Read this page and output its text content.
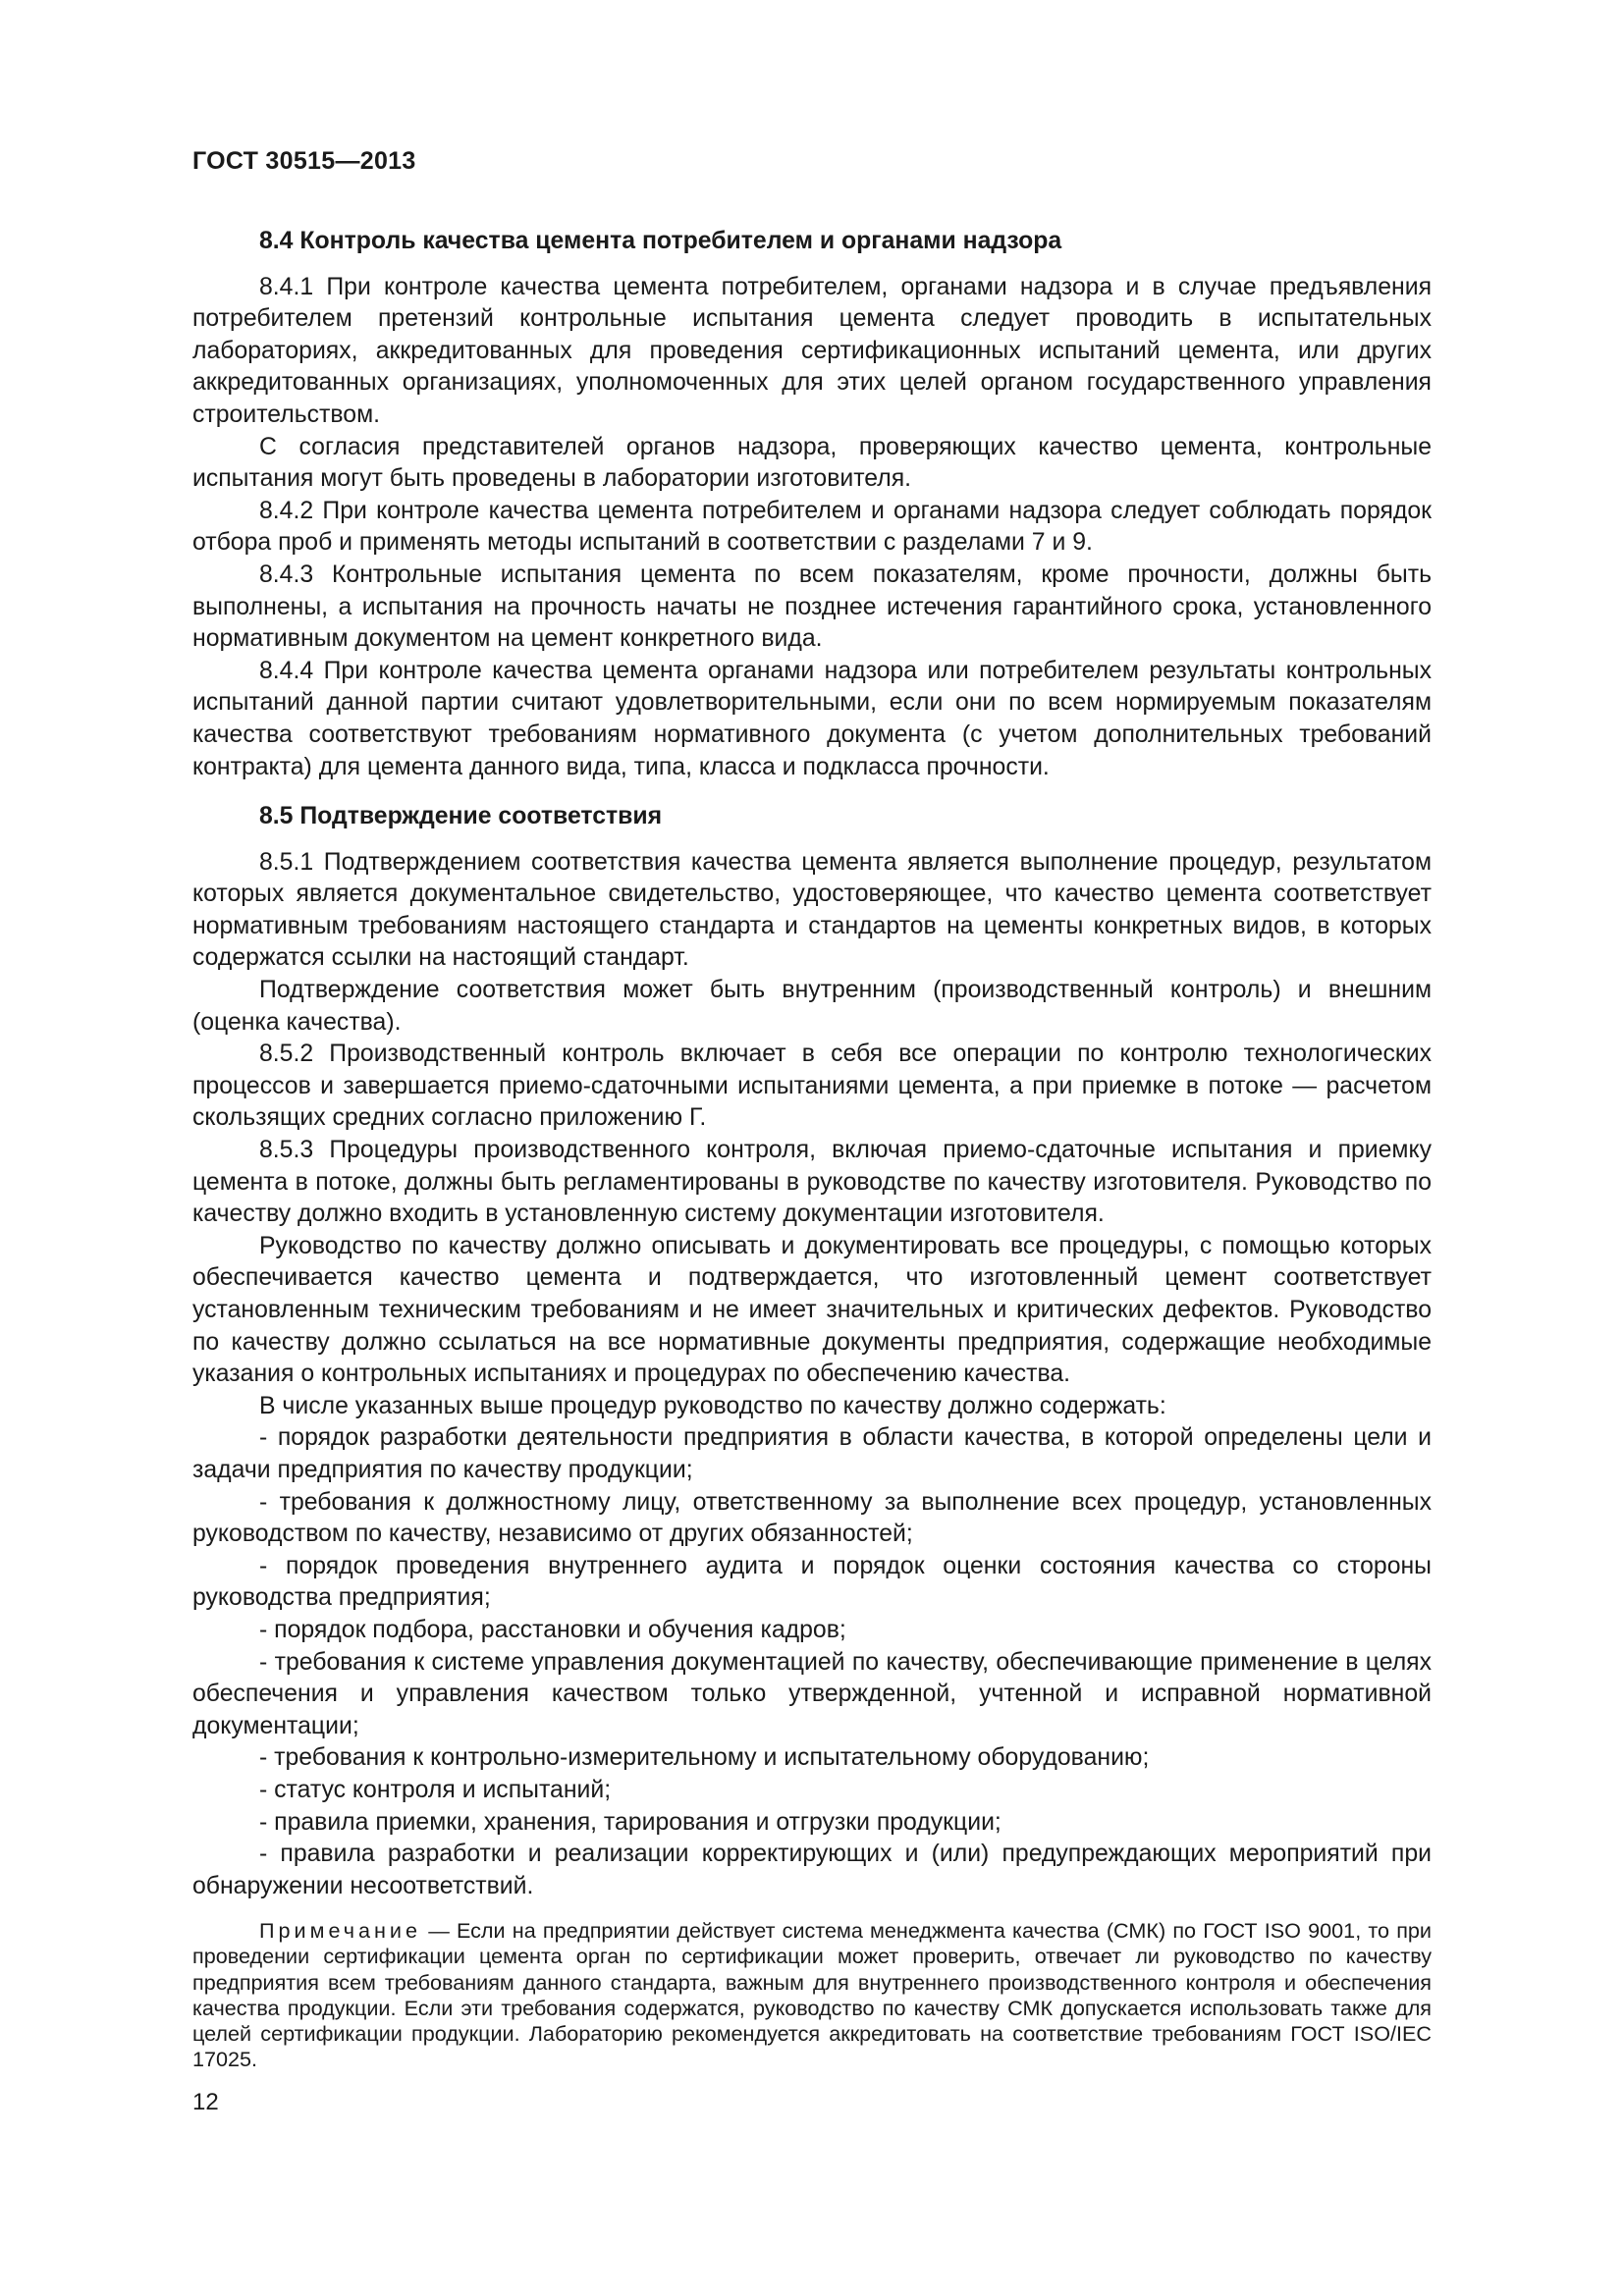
ГОСТ 30515—2013
8.4 Контроль качества цемента потребителем и органами надзора

8.4.1 При контроле качества цемента потребителем, органами надзора и в случае предъявления потребителем претензий контрольные испытания цемента следует проводить в испытательных лабораториях, аккредитованных для проведения сертификационных испытаний цемента, или других аккредитованных организациях, уполномоченных для этих целей органом государственного управления строительством.

С согласия представителей органов надзора, проверяющих качество цемента, контрольные испытания могут быть проведены в лаборатории изготовителя.

8.4.2 При контроле качества цемента потребителем и органами надзора следует соблюдать порядок отбора проб и применять методы испытаний в соответствии с разделами 7 и 9.

8.4.3 Контрольные испытания цемента по всем показателям, кроме прочности, должны быть выполнены, а испытания на прочность начаты не позднее истечения гарантийного срока, установленного нормативным документом на цемент конкретного вида.

8.4.4 При контроле качества цемента органами надзора или потребителем результаты контрольных испытаний данной партии считают удовлетворительными, если они по всем нормируемым показателям качества соответствуют требованиям нормативного документа (с учетом дополнительных требований контракта) для цемента данного вида, типа, класса и подкласса прочности.

8.5 Подтверждение соответствия

8.5.1 Подтверждением соответствия качества цемента является выполнение процедур, результатом которых является документальное свидетельство, удостоверяющее, что качество цемента соответствует нормативным требованиям настоящего стандарта и стандартов на цементы конкретных видов, в которых содержатся ссылки на настоящий стандарт.

Подтверждение соответствия может быть внутренним (производственный контроль) и внешним (оценка качества).

8.5.2 Производственный контроль включает в себя все операции по контролю технологических процессов и завершается приемо-сдаточными испытаниями цемента, а при приемке в потоке — расчетом скользящих средних согласно приложению Г.

8.5.3 Процедуры производственного контроля, включая приемо-сдаточные испытания и приемку цемента в потоке, должны быть регламентированы в руководстве по качеству изготовителя. Руководство по качеству должно входить в установленную систему документации изготовителя.

Руководство по качеству должно описывать и документировать все процедуры, с помощью которых обеспечивается качество цемента и подтверждается, что изготовленный цемент соответствует установленным техническим требованиям и не имеет значительных и критических дефектов. Руководство по качеству должно ссылаться на все нормативные документы предприятия, содержащие необходимые указания о контрольных испытаниях и процедурах по обеспечению качества.

В числе указанных выше процедур руководство по качеству должно содержать:

- порядок разработки деятельности предприятия в области качества, в которой определены цели и задачи предприятия по качеству продукции;

- требования к должностному лицу, ответственному за выполнение всех процедур, установленных руководством по качеству, независимо от других обязанностей;

- порядок проведения внутреннего аудита и порядок оценки состояния качества со стороны руководства предприятия;

- порядок подбора, расстановки и обучения кадров;

- требования к системе управления документацией по качеству, обеспечивающие применение в целях обеспечения и управления качеством только утвержденной, учтенной и исправной нормативной документации;

- требования к контрольно-измерительному и испытательному оборудованию;

- статус контроля и испытаний;

- правила приемки, хранения, тарирования и отгрузки продукции;

- правила разработки и реализации корректирующих и (или) предупреждающих мероприятий при обнаружении несоответствий.

Примечание — Если на предприятии действует система менеджмента качества (СМК) по ГОСТ ISO 9001, то при проведении сертификации цемента орган по сертификации может проверить, отвечает ли руководство по качеству предприятия всем требованиям данного стандарта, важным для внутреннего производственного контроля и обеспечения качества продукции. Если эти требования содержатся, руководство по качеству СМК допускается использовать также для целей сертификации продукции. Лабораторию рекомендуется аккредитовать на соответствие требованиям ГОСТ ISO/IEC 17025.
12
